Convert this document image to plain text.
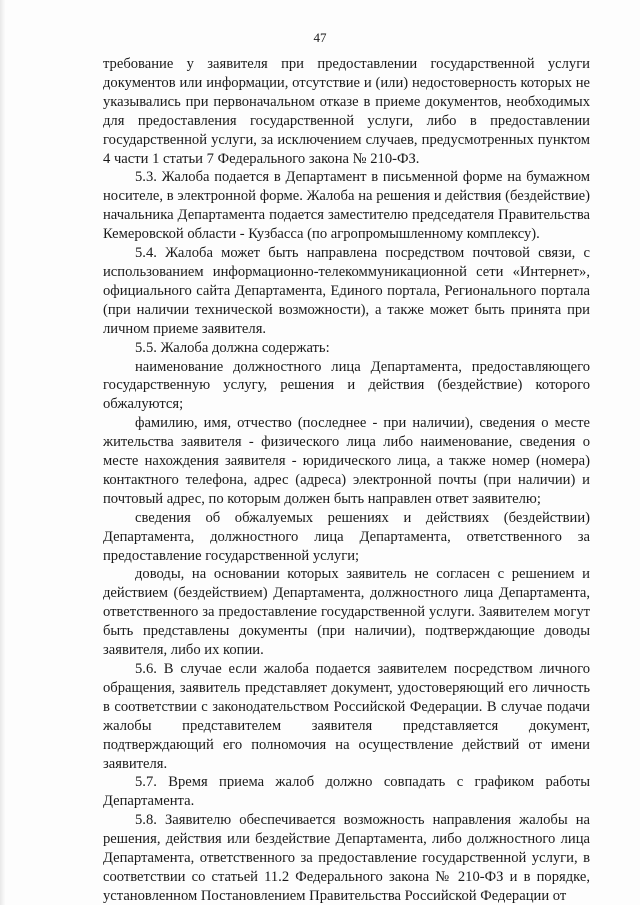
47

требование у заявителя при предоставлении государственной услуги документов или информации, отсутствие и (или) недостоверность которых не указывались при первоначальном отказе в приеме документов, необходимых для предоставления государственной услуги, либо в предоставлении государственной услуги, за исключением случаев, предусмотренных пунктом 4 части 1 статьи 7 Федерального закона № 210-ФЗ.

5.3. Жалоба подается в Департамент в письменной форме на бумажном носителе, в электронной форме. Жалоба на решения и действия (бездействие) начальника Департамента подается заместителю председателя Правительства Кемеровской области - Кузбасса (по агропромышленному комплексу).

5.4. Жалоба может быть направлена посредством почтовой связи, с использованием информационно-телекоммуникационной сети «Интернет», официального сайта Департамента, Единого портала, Регионального портала (при наличии технической возможности), а также может быть принята при личном приеме заявителя.

5.5. Жалоба должна содержать:

наименование должностного лица Департамента, предоставляющего государственную услугу, решения и действия (бездействие) которого обжалуются;

фамилию, имя, отчество (последнее - при наличии), сведения о месте жительства заявителя - физического лица либо наименование, сведения о месте нахождения заявителя - юридического лица, а также номер (номера) контактного телефона, адрес (адреса) электронной почты (при наличии) и почтовый адрес, по которым должен быть направлен ответ заявителю;

сведения об обжалуемых решениях и действиях (бездействии) Департамента, должностного лица Департамента, ответственного за предоставление государственной услуги;

доводы, на основании которых заявитель не согласен с решением и действием (бездействием) Департамента, должностного лица Департамента, ответственного за предоставление государственной услуги. Заявителем могут быть представлены документы (при наличии), подтверждающие доводы заявителя, либо их копии.

5.6. В случае если жалоба подается заявителем посредством личного обращения, заявитель представляет документ, удостоверяющий его личность в соответствии с законодательством Российской Федерации. В случае подачи жалобы представителем заявителя представляется документ, подтверждающий его полномочия на осуществление действий от имени заявителя.

5.7. Время приема жалоб должно совпадать с графиком работы Департамента.

5.8. Заявителю обеспечивается возможность направления жалобы на решения, действия или бездействие Департамента, либо должностного лица Департамента, ответственного за предоставление государственной услуги, в соответствии со статьей 11.2 Федерального закона № 210-ФЗ и в порядке, установленном Постановлением Правительства Российской Федерации от
